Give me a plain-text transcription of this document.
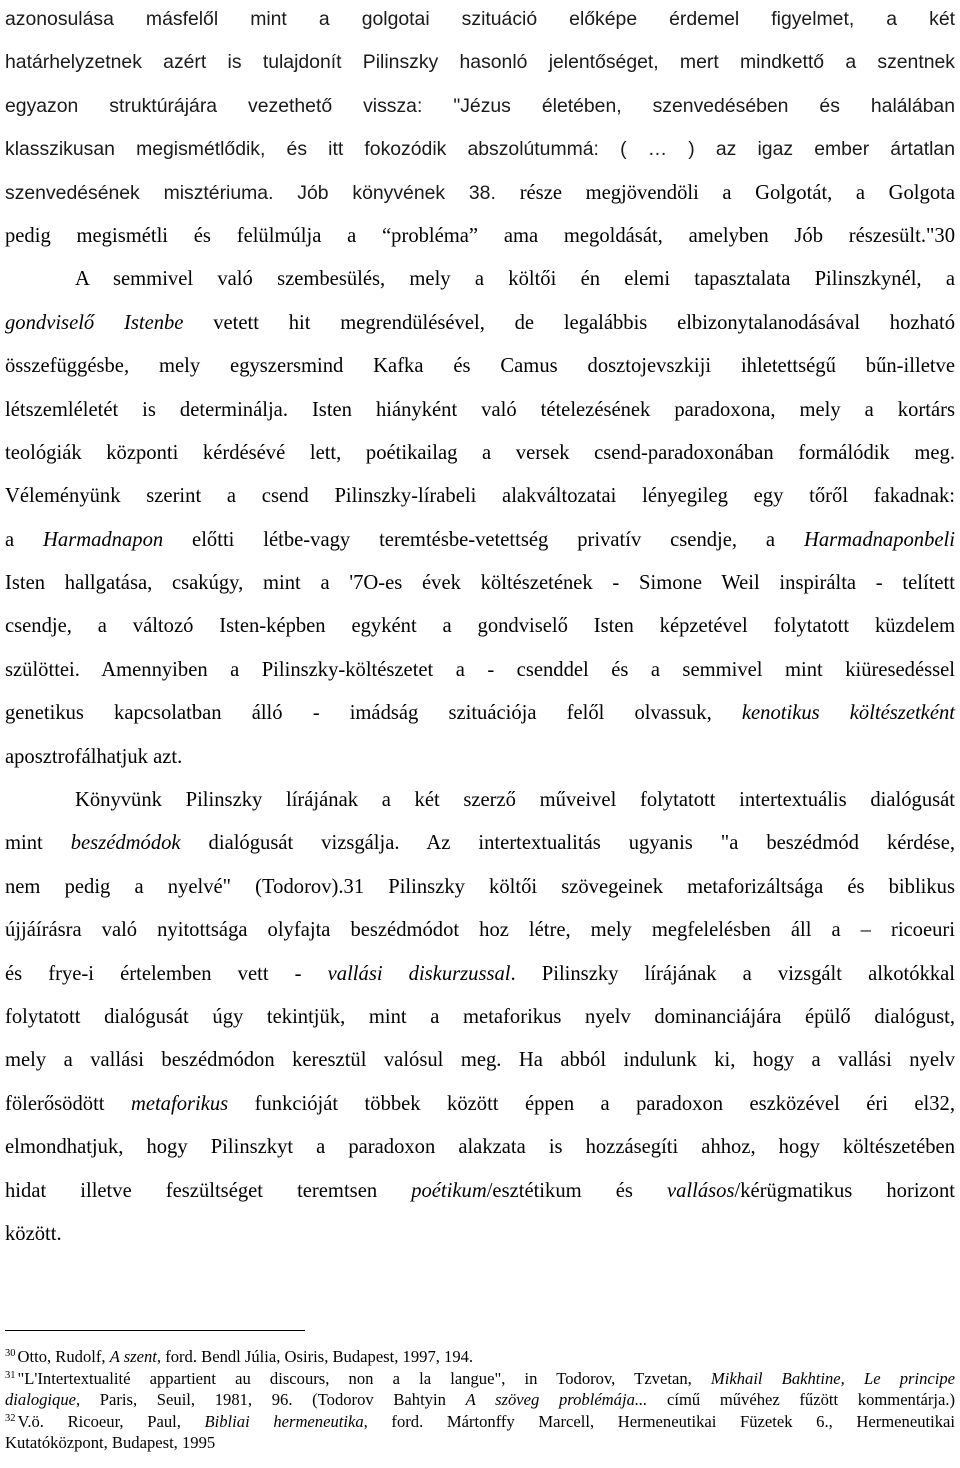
azonosulása másfelől mint a golgotai szituáció előképe érdemel figyelmet, a két
határhelyzetnek azért is tulajdonít Pilinszky hasonló jelentőséget, mert mindkettő a szentnek
egyazon struktúrájára vezethető vissza: "Jézus életében, szenvedésében és halálában
klasszikusan megismétlődik, és itt fokozódik abszolútummá: ( … ) az igaz ember ártatlan
szenvedésének misztériuma. Jób könyvének 38. része megjövendöli a Golgotát, a Golgota
pedig megismétli és felülmúlja a “probléma” ama megoldását, amelyben Jób részesült."30
A semmivel való szembesülés, mely a költői én elemi tapasztalata Pilinszkynél, a
gondviselő Istenbe vetett hit megrendülésével, de legalábbis elbizonytalanodásával hozható
összefüggésbe, mely egyszersmind Kafka és Camus dosztojevszkiji ihletettségű bűn-illetve
létszemléletét is determinálja. Isten hiányként való tételezésének paradoxona, mely a kortárs
teológiák központi kérdésévé lett, poétikailag a versek csend-paradoxonában formálódik meg.
Véleményünk szerint a csend Pilinszky-lírabeli alakváltozatai lényegileg egy tőről fakadnak:
a Harmadnapon előtti létbe-vagy teremtésbe-vetettség privatív csendje, a Harmadnaponbeli
Isten hallgatása, csakúgy, mint a '7O-es évek költészetének - Simone Weil inspirálta - telített
csendje, a változó Isten-képben egyként a gondviselő Isten képzetével folytatott küzdelem
szülöttei. Amennyiben a Pilinszky-költészetet a - csenddel és a semmivel mint kiüresedéssel
genetikus kapcsolatban álló - imádság szituációja felől olvassuk, kenotikus költészetként
aposztrofálhatjuk azt.
Könyvünk Pilinszky lírájának a két szerző műveivel folytatott intertextuális dialógusát
mint beszédmódok dialógusát vizsgálja. Az intertextualitás ugyanis "a beszédmód kérdése,
nem pedig a nyelvé" (Todorov).31 Pilinszky költői szövegeinek metaforizáltsága és biblikus
újjáírásra való nyitottsága olyfajta beszédmódot hoz létre, mely megfelelésben áll a – ricoeuri
és frye-i értelemben vett - vallási diskurzussal. Pilinszky lírájának a vizsgált alkotókkal
folytatott dialógusát úgy tekintjük, mint a metaforikus nyelv dominanciájára épülő dialógust,
mely a vallási beszédmódon keresztül valósul meg. Ha abból indulunk ki, hogy a vallási nyelv
fölerősödött metaforikus funkcióját többek között éppen a paradoxon eszközével éri el32,
elmondhatjuk, hogy Pilinszkyt a paradoxon alakzata is hozzásegíti ahhoz, hogy költészetében
hidat illetve feszültséget teremtsen poétikum/esztétikum és vallásos/kérügmatikus horizont
között.
$^{30}$ Otto, Rudolf, A szent, ford. Bendl Júlia, Osiris, Budapest, 1997, 194.
$^{31}$ "L'Intertextualité appartient au discours, non a la langue", in Todorov, Tzvetan, Mikhail Bakhtine, Le principe
dialogique, Paris, Seuil, 1981, 96. (Todorov Bahtyin A szöveg problémája... című művéhez fűzött kommentárja.)
$^{32}$ V.ö. Ricoeur, Paul, Bibliai hermeneutika, ford. Mártonffy Marcell, Hermeneutikai Füzetek 6., Hermeneutikai
Kutatóközpont, Budapest, 1995
